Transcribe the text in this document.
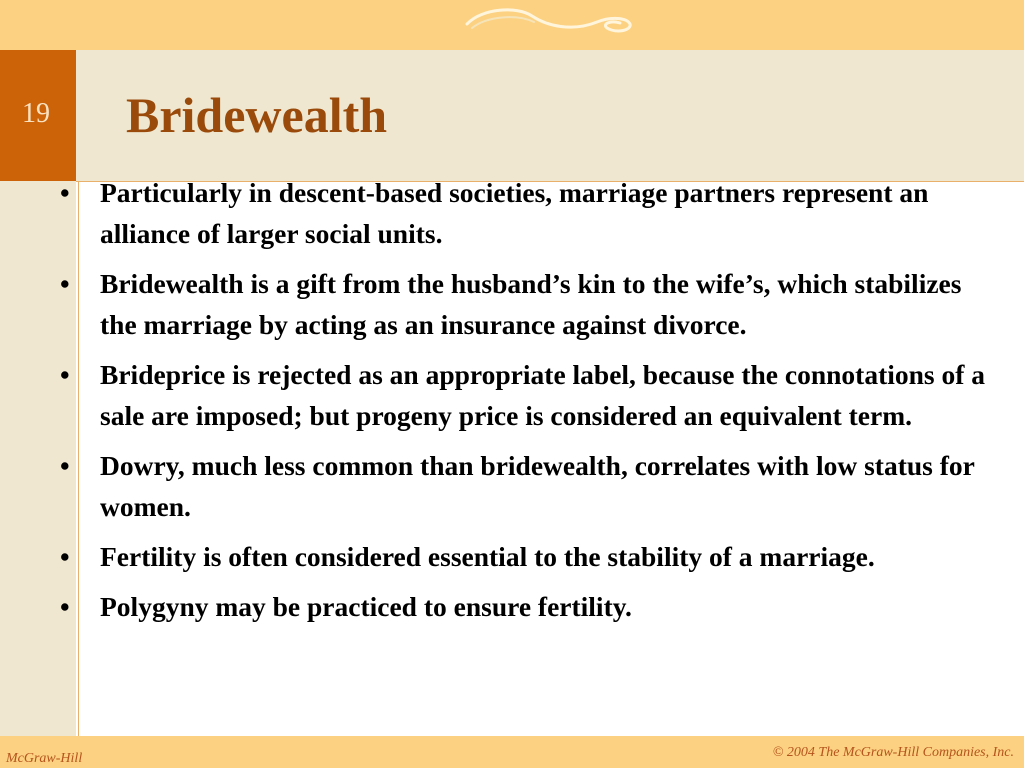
19	Bridewealth
• Particularly in descent-based societies, marriage partners represent an alliance of larger social units.
• Bridewealth is a gift from the husband’s kin to the wife’s, which stabilizes the marriage by acting as an insurance against divorce.
• Brideprice is rejected as an appropriate label, because the connotations of a sale are imposed; but progeny price is considered an equivalent term.
• Dowry, much less common than bridewealth, correlates with low status for women.
• Fertility is often considered essential to the stability of a marriage.
• Polygyny may be practiced to ensure fertility.
McGraw-Hill	© 2004 The McGraw-Hill Companies, Inc.
